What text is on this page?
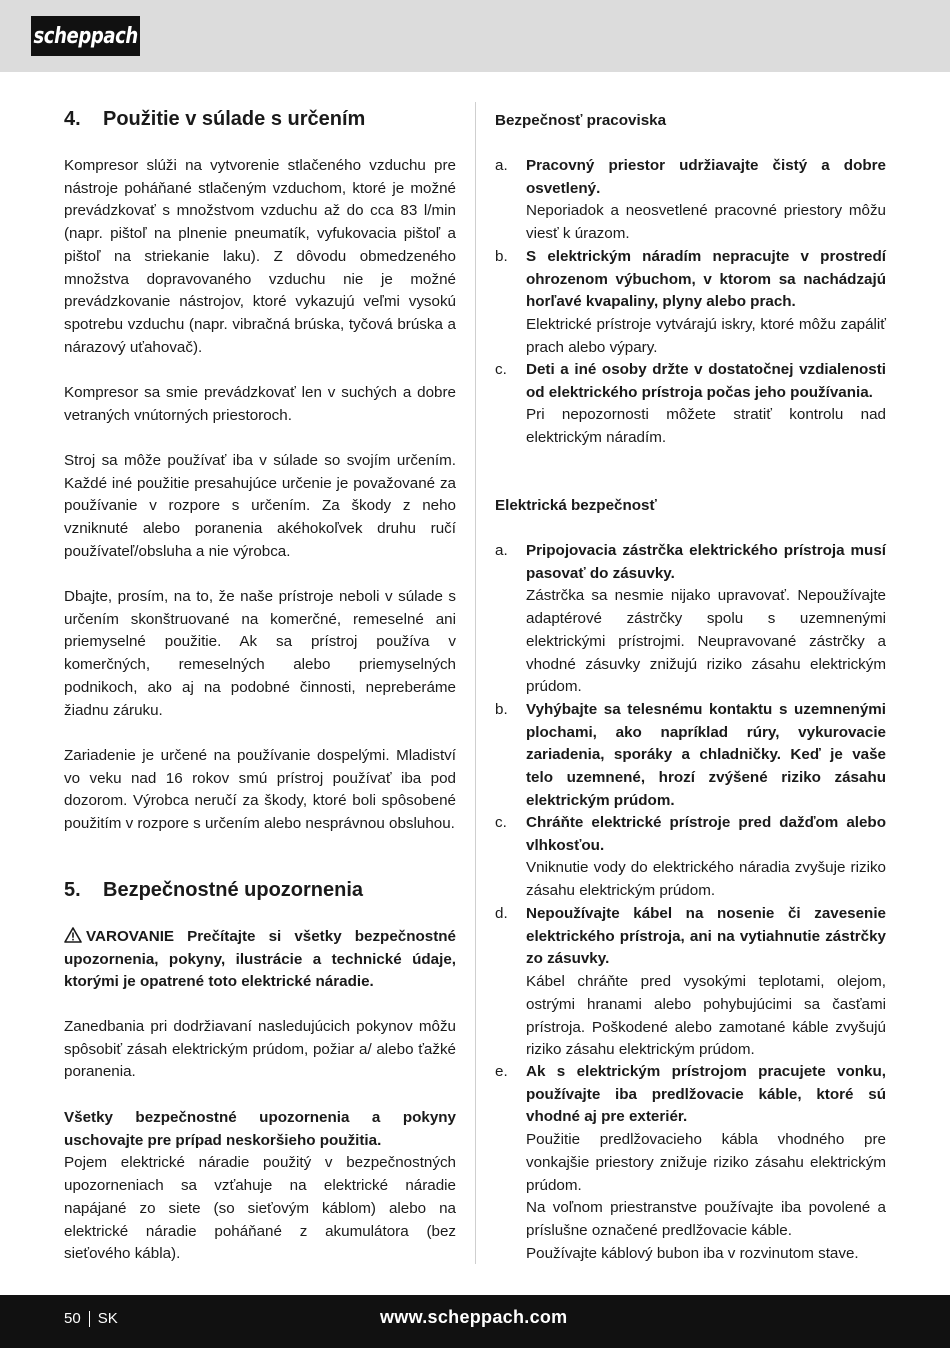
scheppach
4.	Použitie v súlade s určením
Kompresor slúži na vytvorenie stlačeného vzduchu pre nástroje poháňané stlačeným vzduchom, ktoré je možné prevádzkovať s množstvom vzduchu až do cca 83 l/min (napr. pištoľ na plnenie pneumatík, vyfukovacia pištoľ a pištoľ na striekanie laku). Z dôvodu obmedzeného množstva dopravovaného vzduchu nie je možné prevádzkovanie nástrojov, ktoré vykazujú veľmi vysokú spotrebu vzduchu (napr. vibračná brúska, tyčová brúska a nárazový uťahovač).
Kompresor sa smie prevádzkovať len v suchých a dobre vetraných vnútorných priestoroch.
Stroj sa môže používať iba v súlade so svojím určením. Každé iné použitie presahujúce určenie je považované za používanie v rozpore s určením. Za škody z neho vzniknuté alebo poranenia akéhokoľvek druhu ručí používateľ/obsluha a nie výrobca.
Dbajte, prosím, na to, že naše prístroje neboli v súlade s určením skonštruované na komerčné, remeselné ani priemyselné použitie. Ak sa prístroj používa v komerčných, remeselných alebo priemyselných podnikoch, ako aj na podobné činnosti, nepreberáme žiadnu záruku.
Zariadenie je určené na používanie dospelými. Mladiství vo veku nad 16 rokov smú prístroj používať iba pod dozorom. Výrobca neručí za škody, ktoré boli spôsobené použitím v rozpore s určením alebo nesprávnou obsluhou.
5.	Bezpečnostné upozornenia
VAROVANIE Prečítajte si všetky bezpečnostné upozornenia, pokyny, ilustrácie a technické údaje, ktorými je opatrené toto elektrické náradie.
Zanedbania pri dodržiavaní nasledujúcich pokynov môžu spôsobiť zásah elektrickým prúdom, požiar a/ alebo ťažké poranenia.
Všetky bezpečnostné upozornenia a pokyny uschovajte pre prípad neskoršieho použitia.
Pojem elektrické náradie použitý v bezpečnostných upozorneniach sa vzťahuje na elektrické náradie napájané zo siete (so sieťovým káblom) alebo na elektrické náradie poháňané z akumulátora (bez sieťového kábla).
Bezpečnosť pracoviska
a.	Pracovný priestor udržiavajte čistý a dobre osvetlený.
Neporiadok a neosvetlené pracovné priestory môžu viesť k úrazom.
b.	S elektrickým náradím nepracujte v prostredí ohrozenom výbuchom, v ktorom sa nachádzajú horľavé kvapaliny, plyny alebo prach.
Elektrické prístroje vytvárajú iskry, ktoré môžu zapáliť prach alebo výpary.
c.	Deti a iné osoby držte v dostatočnej vzdialenosti od elektrického prístroja počas jeho používania.
Pri nepozornosti môžete stratiť kontrolu nad elektrickým náradím.
Elektrická bezpečnosť
a.	Pripojovacia zástrčka elektrického prístroja musí pasovať do zásuvky.
Zástrčka sa nesmie nijako upravovať. Nepoužívajte adaptérové zástrčky spolu s uzemnenými elektrickými prístrojmi. Neupravované zástrčky a vhodné zásuvky znižujú riziko zásahu elektrickým prúdom.
b.	Vyhýbajte sa telesnému kontaktu s uzemnenými plochami, ako napríklad rúry, vykurovacie zariadenia, sporáky a chladničky. Keď je vaše telo uzemnené, hrozí zvýšené riziko zásahu elektrickým prúdom.
c.	Chráňte elektrické prístroje pred dažďom alebo vlhkosťou.
Vniknutie vody do elektrického náradia zvyšuje riziko zásahu elektrickým prúdom.
d.	Nepoužívajte kábel na nosenie či zavesenie elektrického prístroja, ani na vytiahnutie zástrčky zo zásuvky.
Kábel chráňte pred vysokými teplotami, olejom, ostrými hranami alebo pohybujúcimi sa časťami prístroja. Poškodené alebo zamotané káble zvyšujú riziko zásahu elektrickým prúdom.
e.	Ak s elektrickým prístrojom pracujete vonku, používajte iba predlžovacie káble, ktoré sú vhodné aj pre exteriér.
Použitie predlžovacieho kábla vhodného pre vonkajšie priestory znižuje riziko zásahu elektrickým prúdom.
Na voľnom priestranstve používajte iba povolené a príslušne označené predlžovacie káble.
Používajte káblový bubon iba v rozvinutom stave.
50 SK	www.scheppach.com
